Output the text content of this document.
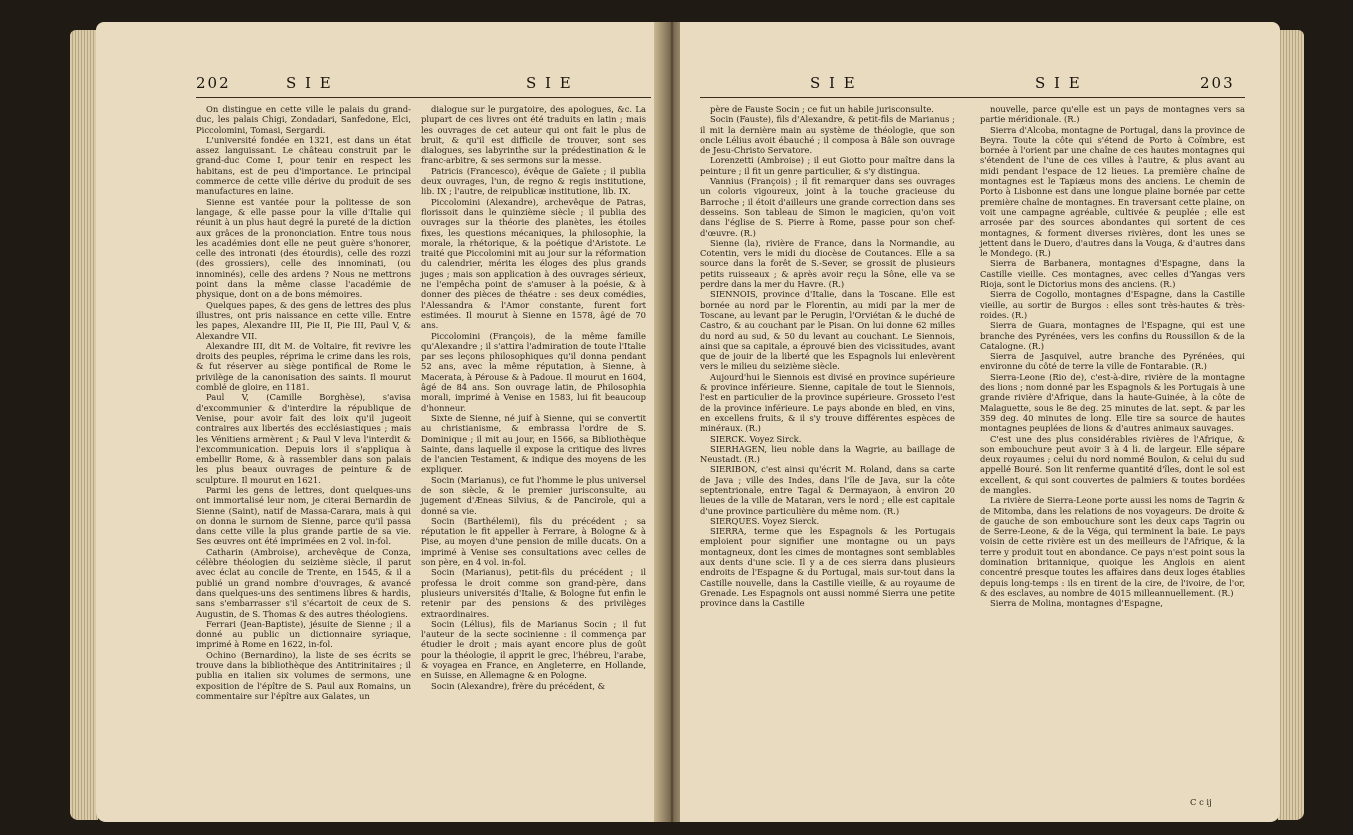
202	S I E	S I E

On distingue en cette ville le palais du grand-duc, les palais Chigi, Zondadari, Sanfedone, Elci, Piccolomini, Tomasi, Sergardi.

L'université fondée en 1321, est dans un état assez languissant. Le château construit par le grand-duc Come I, pour tenir en respect les habitans, est de peu d'importance. Le principal commerce de cette ville dérive du produit de ses manufactures en laine.

Sienne est vantée pour la politesse de son langage, & elle passe pour la ville d'Italie qui réunit à un plus haut degré la pureté de la diction aux grâces de la prononciation. Entre tous nous les académies dont elle ne peut guère s'honorer, celle des intronati (des étourdis), celle des rozzi (des grossiers), celle des innominati, (ou innominés), celle des ardens ? Nous ne mettrons point dans la même classe l'académie de physique, dont on a de bons mémoires.

Quelques papes, & des gens de lettres des plus illustres, ont pris naissance en cette ville. Entre les papes, Alexandre III, Pie II, Pie III, Paul V, & Alexandre VII.

Alexandre III, dit M. de Voltaire, fit revivre les droits des peuples, réprima le crime dans les rois, & fut réserver au siège pontifical de Rome le privilège de la canonisation des saints. Il mourut comblé de gloire, en 1181.

Paul V, (Camille Borghèse), s'avisa d'excommunier & d'interdire la république de Venise, pour avoir fait des loix qu'il jugeoit contraires aux libertés des ecclésiastiques ; mais les Vénitiens armèrent ; & Paul V leva l'interdit & l'excommunication. Depuis lors il s'appliqua à embellir Rome, & à rassembler dans son palais les plus beaux ouvrages de peinture & de sculpture. Il mourut en 1621.

Parmi les gens de lettres, dont quelques-uns ont immortalisé leur nom, je citerai Bernardin de Sienne (Saint), natif de Massa-Carara, mais à qui on donna le surnom de Sienne, parce qu'il passa dans cette ville la plus grande partie de sa vie. Ses œuvres ont été imprimées en 2 vol. in-fol.

Catharin (Ambroise), archevêque de Conza, célèbre théologien du seizième siècle, il parut avec éclat au concile de Trente, en 1545, & il a publié un grand nombre d'ouvrages, & avancé dans quelques-uns des sentimens libres & hardis, sans s'embarrasser s'il s'écartoit de ceux de S. Augustin, de S. Thomas & des autres théologiens.

Ferrari (Jean-Baptiste), jésuite de Sienne ; il a donné au public un dictionnaire syriaque, imprimé à Rome en 1622, in-fol.

Ochino (Bernardino), la liste de ses écrits se trouve dans la bibliothèque des Antitrinitaires ; il publia en italien six volumes de sermons, une exposition de l'épître de S. Paul aux Romains, un commentaire sur l'épître aux Galates, un

dialogue sur le purgatoire, des apologues, &c. La plupart de ces livres ont été traduits en latin ; mais les ouvrages de cet auteur qui ont fait le plus de bruit, & qu'il est difficile de trouver, sont ses dialogues, ses labyrinthe sur la prédestination & le franc-arbitre, & ses sermons sur la messe.

Patricis (Francesco), évêque de Gaïete ; il publia deux ouvrages, l'un, de regno & regis institutione, lib. IX ; l'autre, de reipublicæ institutione, lib. IX.

Piccolomini (Alexandre), archevêque de Patras, florissoit dans le quinzième siècle ; il publia des ouvrages sur la théorie des planètes, les étoiles fixes, les questions mécaniques, la philosophie, la morale, la rhétorique, & la poétique d'Aristote. Le traité que Piccolomini mit au jour sur la réformation du calendrier, mérita les éloges des plus grands juges ; mais son application à des ouvrages sérieux, ne l'empêcha point de s'amuser à la poésie, & à donner des pièces de théatre : ses deux comédies, l'Alessandra & l'Amor constante, furent fort estimées. Il mourut à Sienne en 1578, âgé de 70 ans.

Piccolomini (François), de la même famille qu'Alexandre ; il s'attira l'admiration de toute l'Italie par ses leçons philosophiques qu'il donna pendant 52 ans, avec la même réputation, à Sienne, à Macerata, à Pérouse & à Padoue. Il mourut en 1604, âgé de 84 ans. Son ouvrage latin, de Philosophia morali, imprimé à Venise en 1583, lui fit beaucoup d'honneur.

Sixte de Sienne, né juif à Sienne, qui se convertit au christianisme, & embrassa l'ordre de S. Dominique ; il mit au jour, en 1566, sa Bibliothèque Sainte, dans laquelle il expose la critique des livres de l'ancien Testament, & indique des moyens de les expliquer.

Socin (Marianus), ce fut l'homme le plus universel de son siècle, & le premier jurisconsulte, au jugement d'Æneas Silvius, & de Pancirole, qui a donné sa vie.

Socin (Barthélemi), fils du précédent ; sa réputation le fit appeller à Ferrare, à Bologne & à Pise, au moyen d'une pension de mille ducats. On a imprimé à Venise ses consultations avec celles de son père, en 4 vol. in-fol.

Socin (Marianus), petit-fils du précédent ; il professa le droit comme son grand-père, dans plusieurs universités d'Italie, & Bologne fut enfin le retenir par des pensions & des privilèges extraordinaires.

Socin (Lélius), fils de Marianus Socin ; il fut l'auteur de la secte socinienne : il commença par étudier le droit ; mais ayant encore plus de goût pour la théologie, il apprit le grec, l'hébreu, l'arabe, & voyagea en France, en Angleterre, en Hollande, en Suisse, en Allemagne & en Pologne.

Socin (Alexandre), frère du précédent, &

S I E	S I E	203

père de Fauste Socin ; ce fut un habile jurisconsulte.

Socin (Fauste), fils d'Alexandre, & petit-fils de Marianus ; il mit la dernière main au système de théologie, que son oncle Lélius avoit ébauché ; il composa à Bâle son ouvrage de Jesu-Christo Servatore.

Lorenzetti (Ambroise) ; il eut Giotto pour maître dans la peinture ; il fit un genre particulier, & s'y distingua.

Vannius (François) ; il fit remarquer dans ses ouvrages un coloris vigoureux, joint à la touche gracieuse du Barroche ; il étoit d'ailleurs une grande correction dans ses desseins. Son tableau de Simon le magicien, qu'on voit dans l'église de S. Pierre à Rome, passe pour son chef-d'œuvre. (R.)

Sienne (la), rivière de France, dans la Normandie, au Cotentin, vers le midi du diocèse de Coutances. Elle a sa source dans la forêt de S.-Sever, se grossit de plusieurs petits ruisseaux ; & après avoir reçu la Sône, elle va se perdre dans la mer du Havre. (R.)

SIENNOIS, province d'Italie, dans la Toscane. Elle est bornée au nord par le Florentin, au midi par la mer de Toscane, au levant par le Perugin, l'Orviétan & le duché de Castro, & au couchant par le Pisan. On lui donne 62 milles du nord au sud, & 50 du levant au couchant. Le Siennois, ainsi que sa capitale, a éprouvé bien des vicissitudes, avant que de jouir de la liberté que les Espagnols lui enlevèrent vers le milieu du seizième siècle.

Aujourd'hui le Siennois est divisé en province supérieure & province inférieure. Sienne, capitale de tout le Siennois, l'est en particulier de la province supérieure. Grosseto l'est de la province inférieure. Le pays abonde en bled, en vins, en excellens fruits, & il s'y trouve différentes espèces de minéraux. (R.)

SIERCK. Voyez Sirck.

SIERHAGEN, lieu noble dans la Wagrie, au baillage de Neustadt. (R.)

SIERIBON, c'est ainsi qu'écrit M. Roland, dans sa carte de Java ; ville des Indes, dans l'île de Java, sur la côte septentrionale, entre Tagal & Dermayaon, à environ 20 lieues de la ville de Mataran, vers le nord ; elle est capitale d'une province particulière du même nom. (R.)

SIERQUES. Voyez Sierck.

SIERRA, terme que les Espagnols & les Portugais emploient pour signifier une montagne ou un pays montagneux, dont les cimes de montagnes sont semblables aux dents d'une scie. Il y a de ces sierra dans plusieurs endroits de l'Espagne & du Portugal, mais sur-tout dans la Castille nouvelle, dans la Castille vieille, & au royaume de Grenade. Les Espagnols ont aussi nommé Sierra une petite province dans la Castille

nouvelle, parce qu'elle est un pays de montagnes vers sa partie méridionale. (R.)

Sierra d'Alcoba, montagne de Portugal, dans la province de Beyra. Toute la côte qui s'étend de Porto à Coïmbre, est bornée à l'orient par une chaîne de ces hautes montagnes qui s'étendent de l'une de ces villes à l'autre, & plus avant au midi pendant l'espace de 12 lieues. La première chaîne de montagnes est le Tapiæus mons des anciens. Le chemin de Porto à Lisbonne est dans une longue plaine bornée par cette première chaîne de montagnes. En traversant cette plaine, on voit une campagne agréable, cultivée & peuplée ; elle est arrosée par des sources abondantes qui sortent de ces montagnes, & forment diverses rivières, dont les unes se jettent dans le Duero, d'autres dans la Vouga, & d'autres dans le Mondego. (R.)

Sierra de Barbanera, montagnes d'Espagne, dans la Castille vieille. Ces montagnes, avec celles d'Yangas vers Rioja, sont le Dictorius mons des anciens. (R.)

Sierra de Cogollo, montagnes d'Espagne, dans la Castille vieille, au sortir de Burgos : elles sont très-hautes & très-roides. (R.)

Sierra de Guara, montagnes de l'Espagne, qui est une branche des Pyrénées, vers les confins du Roussillon & de la Catalogne. (R.)

Sierra de Jasquivel, autre branche des Pyrénées, qui environne du côté de terre la ville de Fontarabie. (R.)

Sierra-Leone (Rio de), c'est-à-dire, rivière de la montagne des lions ; nom donné par les Espagnols & les Portugais à une grande rivière d'Afrique, dans la haute-Guinée, à la côte de Malaguette, sous le 8e deg. 25 minutes de lat. sept. & par les 359 deg. 40 minutes de long. Elle tire sa source de hautes montagnes peuplées de lions & d'autres animaux sauvages.

C'est une des plus considérables rivières de l'Afrique, & son embouchure peut avoir 3 à 4 li. de largeur. Elle sépare deux royaumes ; celui du nord nommé Boulon, & celui du sud appellé Bouré. Son lit renferme quantité d'îles, dont le sol est excellent, & qui sont couvertes de palmiers & toutes bordées de mangles.

La rivière de Sierra-Leone porte aussi les noms de Tagrin & de Mitomba, dans les relations de nos voyageurs. De droite & de gauche de son embouchure sont les deux caps Tagrin ou de Serre-Leone, & de la Véga, qui terminent la baie. Le pays voisin de cette rivière est un des meilleurs de l'Afrique, & la terre y produit tout en abondance. Ce pays n'est point sous la domination britannique, quoique les Anglois en aient concentré presque toutes les affaires dans deux loges établies depuis long-temps : ils en tirent de la cire, de l'ivoire, de l'or, & des esclaves, au nombre de 4015 milleannuellement. (R.)

Sierra de Molina, montagnes d'Espagne,

C c ij
